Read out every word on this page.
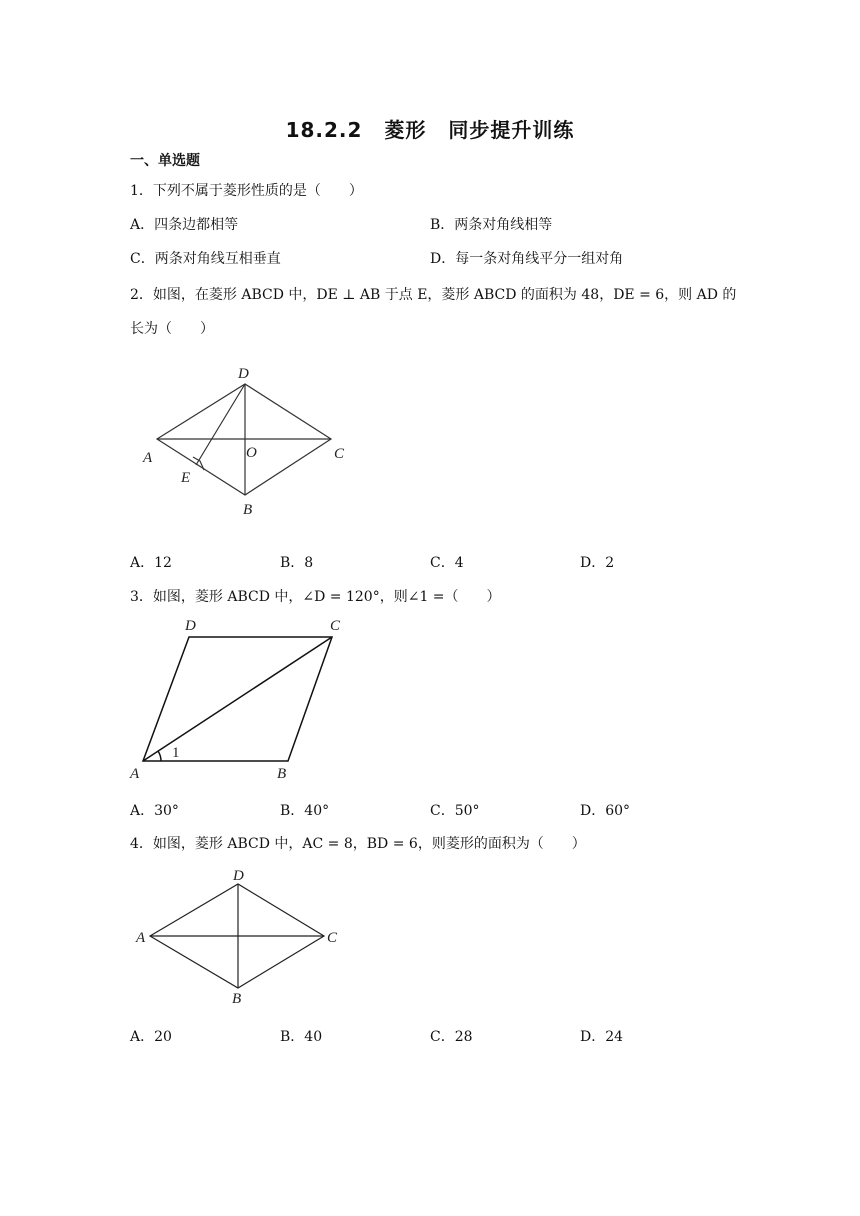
18.2.2 菱形 同步提升训练
一、单选题
1．下列不属于菱形性质的是（　　）
A．四条边都相等	B．两条对角线相等
C．两条对角线互相垂直	D．每一条对角线平分一组对角
2．如图，在菱形 ABCD 中，DE ⊥ AB 于点 E，菱形 ABCD 的面积为 48，DE = 6，则 AD 的
长为（　　）
D
A	O	C
E
B
A．12	B．8	C．4	D．2
3．如图，菱形 ABCD 中，∠D = 120°，则∠1 =（　　）
D	C
A	B
1
A．30°	B．40°	C．50°	D．60°
4．如图，菱形 ABCD 中，AC = 8，BD = 6，则菱形的面积为（　　）
D
A	C
B
A．20	B．40	C．28	D．24
